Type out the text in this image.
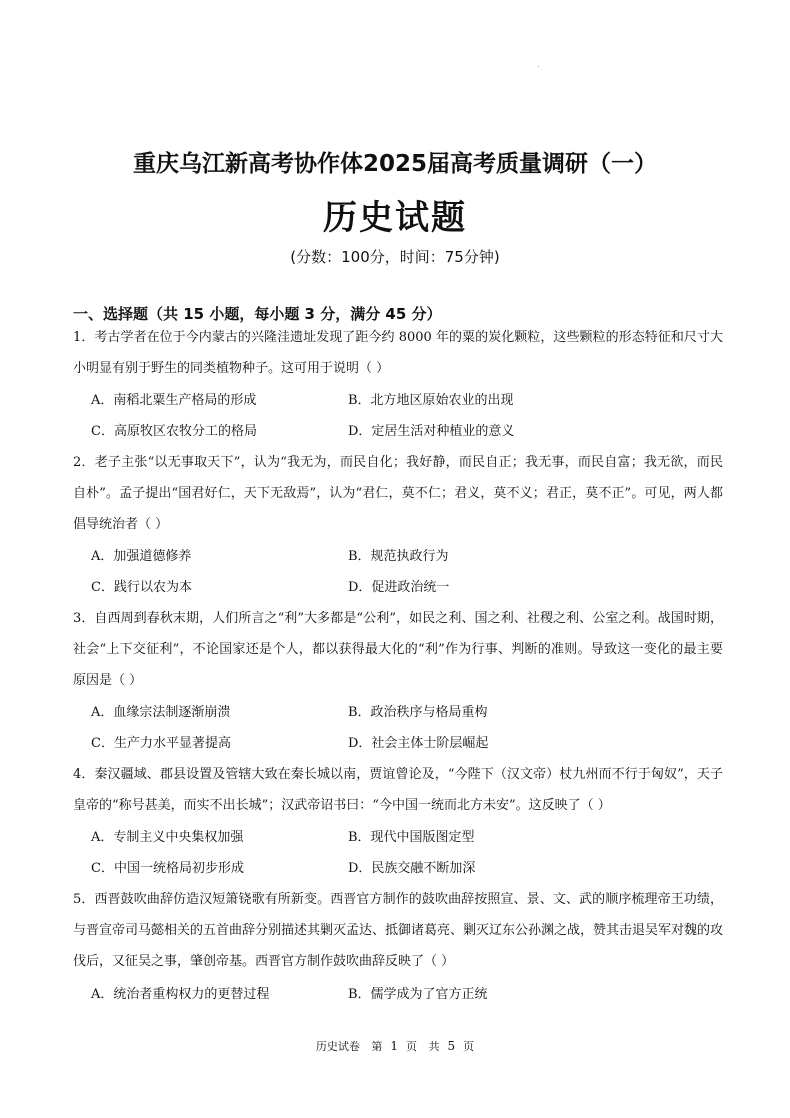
重庆乌江新高考协作体2025届高考质量调研（一）
历史试题
(分数：100分，时间：75分钟)
一、选择题（共 15 小题，每小题 3 分，满分 45 分）
1．考古学者在位于今内蒙古的兴隆洼遗址发现了距今约 8000 年的粟的炭化颗粒，这些颗粒的形态特征和尺寸大小明显有别于野生的同类植物种子。这可用于说明（ ）
A．南稻北粟生产格局的形成	B．北方地区原始农业的出现
C．高原牧区农牧分工的格局	D．定居生活对种植业的意义
2．老子主张“以无事取天下”，认为“我无为，而民自化；我好静，而民自正；我无事，而民自富；我无欲，而民自朴”。孟子提出“国君好仁，天下无敌焉”，认为“君仁，莫不仁；君义，莫不义；君正，莫不正”。可见，两人都倡导统治者（ ）
A．加强道德修养	B．规范执政行为
C．践行以农为本	D．促进政治统一
3．自西周到春秋末期，人们所言之“利”大多都是“公利”，如民之利、国之利、社稷之利、公室之利。战国时期，社会“上下交征利”，不论国家还是个人，都以获得最大化的“利”作为行事、判断的准则。导致这一变化的最主要原因是（ ）
A．血缘宗法制逐渐崩溃	B．政治秩序与格局重构
C．生产力水平显著提高	D．社会主体士阶层崛起
4．秦汉疆域、郡县设置及管辖大致在秦长城以南，贾谊曾论及，“今陛下（汉文帝）杖九州而不行于匈奴”，天子皇帝的“称号甚美，而实不出长城”；汉武帝诏书曰：“今中国一统而北方未安”。这反映了（ ）
A．专制主义中央集权加强	B．现代中国版图定型
C．中国一统格局初步形成	D．民族交融不断加深
5．西晋鼓吹曲辞仿造汉短箫铙歌有所新变。西晋官方制作的鼓吹曲辞按照宣、景、文、武的顺序梳理帝王功绩，与晋宣帝司马懿相关的五首曲辞分别描述其剿灭孟达、抵御诸葛亮、剿灭辽东公孙渊之战，赞其击退吴军对魏的攻伐后，又征吴之事，肇创帝基。西晋官方制作鼓吹曲辞反映了（ ）
A．统治者重构权力的更替过程	B．儒学成为了官方正统
历史试卷 第 1 页 共 5 页
